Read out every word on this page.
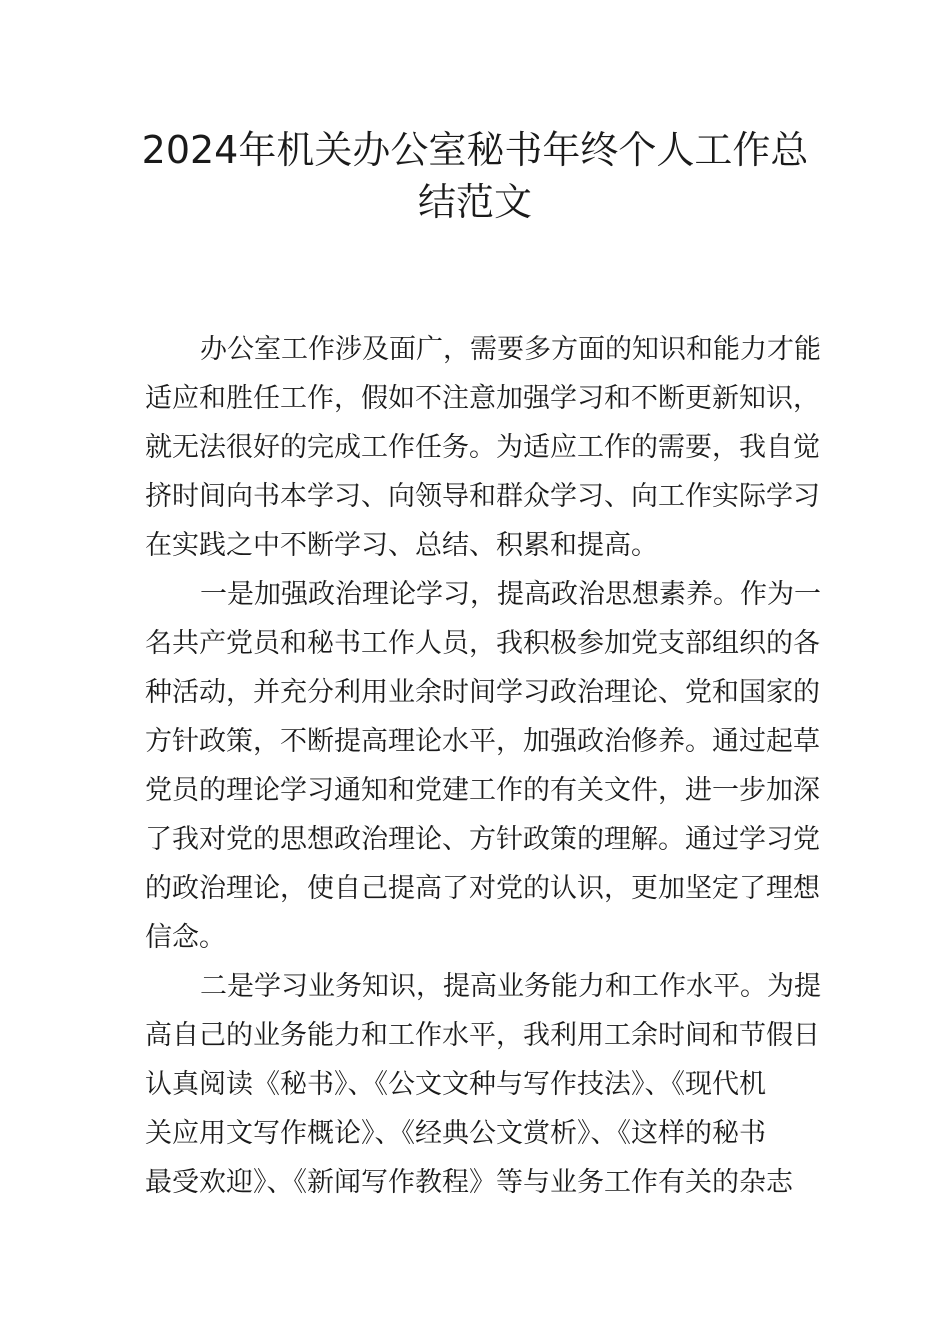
2024年机关办公室秘书年终个人工作总
结范文
办公室工作涉及面广，需要多方面的知识和能力才能
适应和胜任工作，假如不注意加强学习和不断更新知识，
就无法很好的完成工作任务。为适应工作的需要，我自觉
挤时间向书本学习、向领导和群众学习、向工作实际学习
在实践之中不断学习、总结、积累和提高。
一是加强政治理论学习，提高政治思想素养。作为一
名共产党员和秘书工作人员，我积极参加党支部组织的各
种活动，并充分利用业余时间学习政治理论、党和国家的
方针政策，不断提高理论水平，加强政治修养。通过起草
党员的理论学习通知和党建工作的有关文件，进一步加深
了我对党的思想政治理论、方针政策的理解。通过学习党
的政治理论，使自己提高了对党的认识，更加坚定了理想
信念。
二是学习业务知识，提高业务能力和工作水平。为提
高自己的业务能力和工作水平，我利用工余时间和节假日
认真阅读《秘书》、《公文文种与写作技法》、《现代机
关应用文写作概论》、《经典公文赏析》、《这样的秘书
最受欢迎》、《新闻写作教程》等与业务工作有关的杂志
